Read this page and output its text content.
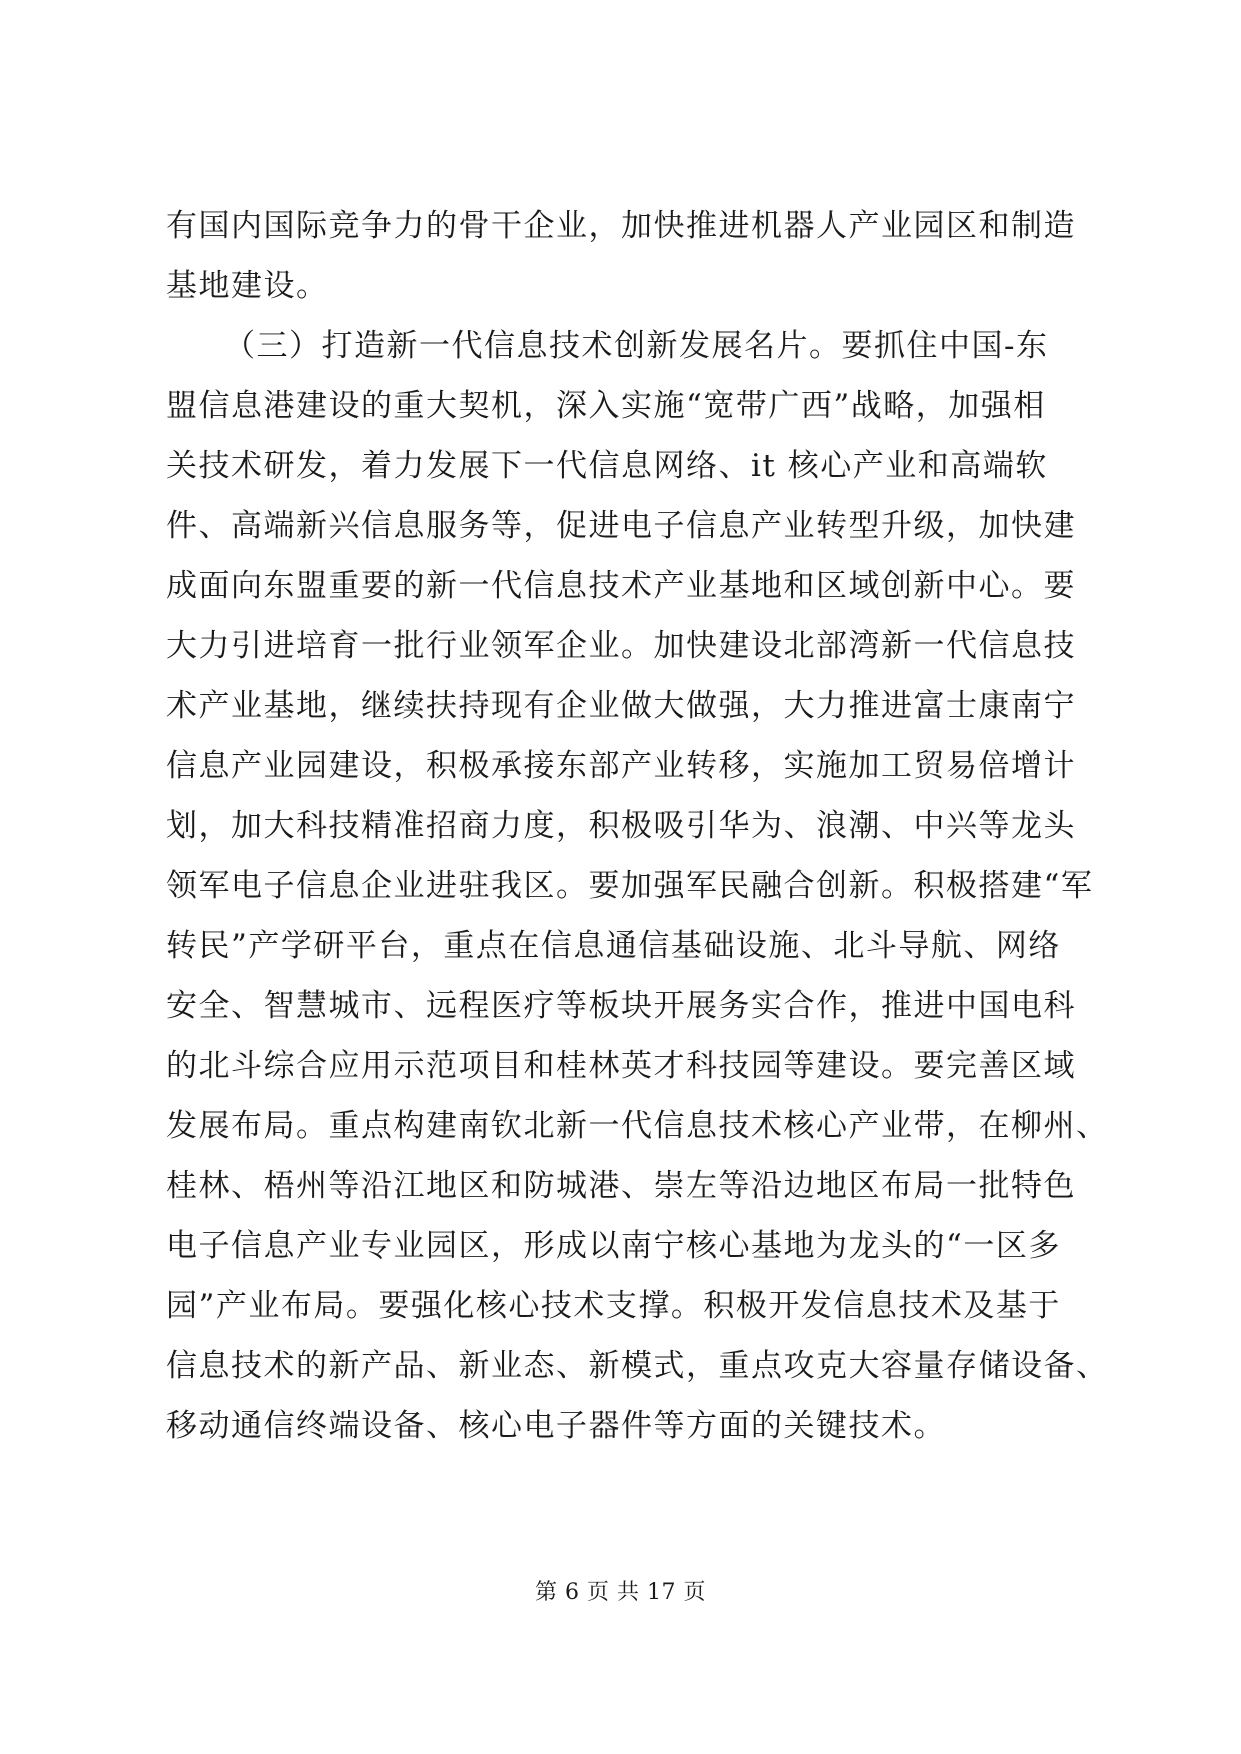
有国内国际竞争力的骨干企业，加快推进机器人产业园区和制造
基地建设。
（三）打造新一代信息技术创新发展名片。要抓住中国-东
盟信息港建设的重大契机，深入实施“宽带广西”战略，加强相
关技术研发，着力发展下一代信息网络、it 核心产业和高端软
件、高端新兴信息服务等，促进电子信息产业转型升级，加快建
成面向东盟重要的新一代信息技术产业基地和区域创新中心。要
大力引进培育一批行业领军企业。加快建设北部湾新一代信息技
术产业基地，继续扶持现有企业做大做强，大力推进富士康南宁
信息产业园建设，积极承接东部产业转移，实施加工贸易倍增计
划，加大科技精准招商力度，积极吸引华为、浪潮、中兴等龙头
领军电子信息企业进驻我区。要加强军民融合创新。积极搭建“军
转民”产学研平台，重点在信息通信基础设施、北斗导航、网络
安全、智慧城市、远程医疗等板块开展务实合作，推进中国电科
的北斗综合应用示范项目和桂林英才科技园等建设。要完善区域
发展布局。重点构建南钦北新一代信息技术核心产业带，在柳州、
桂林、梧州等沿江地区和防城港、崇左等沿边地区布局一批特色
电子信息产业专业园区，形成以南宁核心基地为龙头的“一区多
园”产业布局。要强化核心技术支撑。积极开发信息技术及基于
信息技术的新产品、新业态、新模式，重点攻克大容量存储设备、
移动通信终端设备、核心电子器件等方面的关键技术。
第 6 页 共 17 页
